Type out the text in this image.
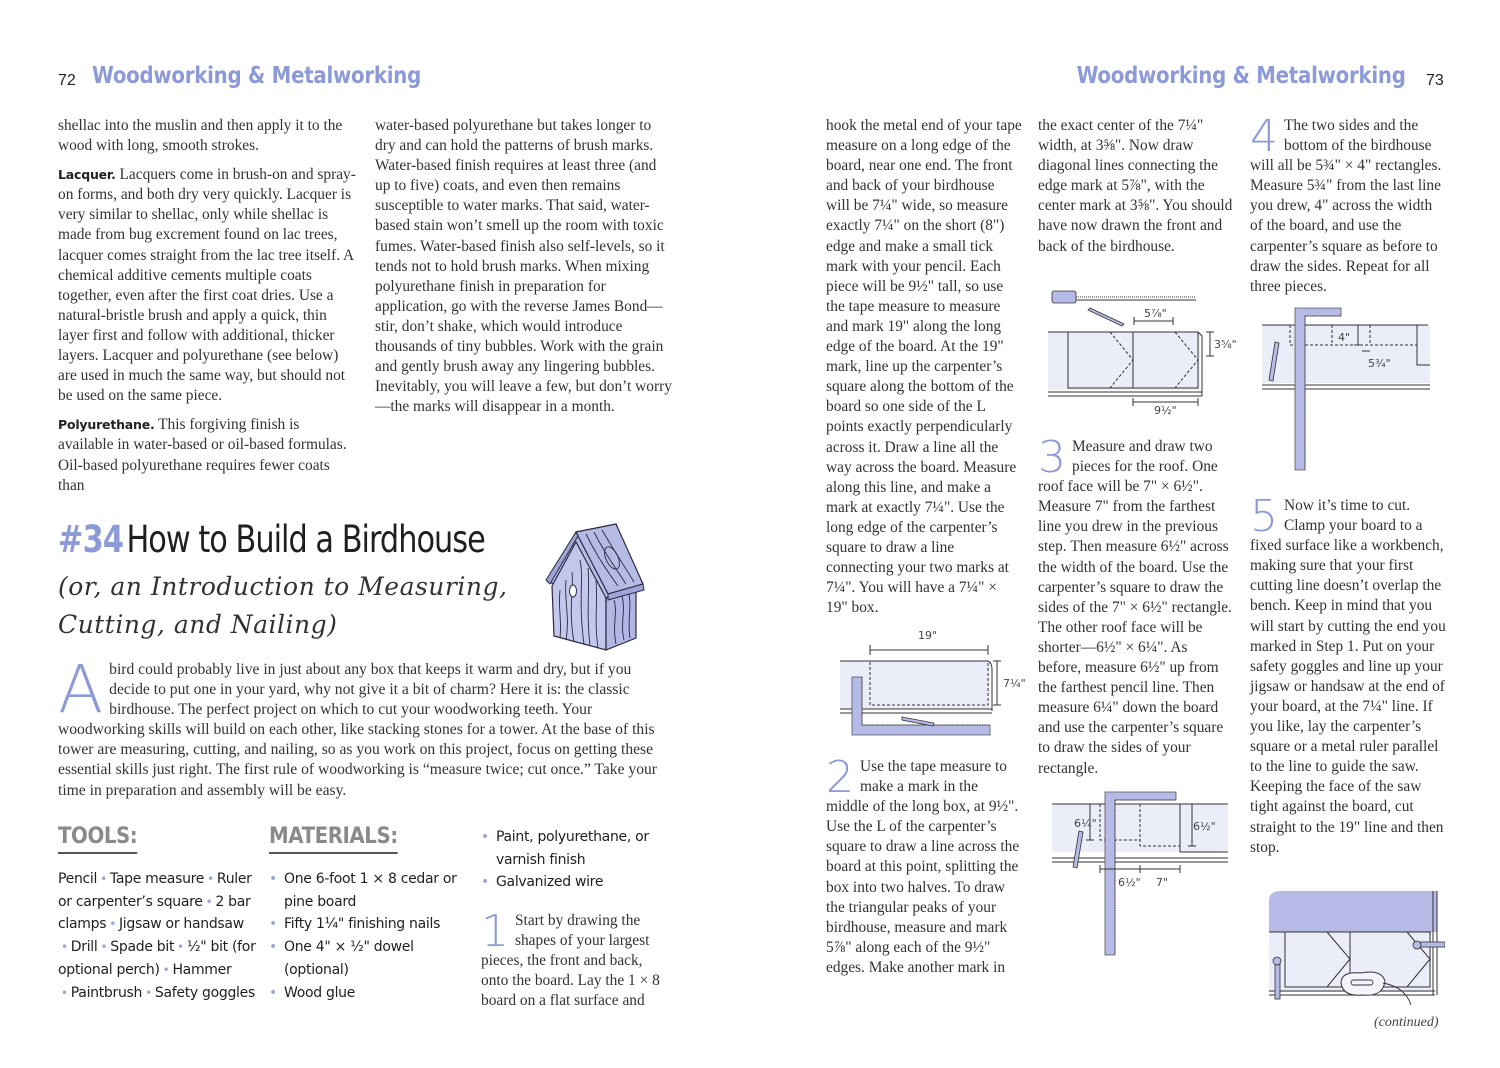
72 Woodworking & Metalworking

shellac into the muslin and then apply it to the wood with long, smooth strokes.

Lacquer. Lacquers come in brush-on and spray-on forms, and both dry very quickly. Lacquer is very similar to shellac, only while shellac is made from bug excrement found on lac trees, lacquer comes straight from the lac tree itself. A chemical additive cements multiple coats together, even after the first coat dries. Use a natural-bristle brush and apply a quick, thin layer first and follow with additional, thicker layers. Lacquer and polyurethane (see below) are used in much the same way, but should not be used on the same piece.

Polyurethane. This forgiving finish is available in water-based or oil-based formulas. Oil-based polyurethane requires fewer coats than

water-based polyurethane but takes longer to dry and can hold the patterns of brush marks. Water-based finish requires at least three (and up to five) coats, and even then remains susceptible to water marks. That said, water-based stain won’t smell up the room with toxic fumes. Water-based finish also self-levels, so it tends not to hold brush marks. When mixing polyurethane finish in preparation for application, go with the reverse James Bond—stir, don’t shake, which would introduce thousands of tiny bubbles. Work with the grain and gently brush away any lingering bubbles. Inevitably, you will leave a few, but don’t worry—the marks will disappear in a month.

#34 How to Build a Birdhouse
(or, an Introduction to Measuring,
Cutting, and Nailing)
Abird could probably live in just about any box that keeps it warm and dry, but if you decide to put one in your yard, why not give it a bit of charm? Here it is: the classic birdhouse. The perfect project on which to cut your woodworking teeth. Your woodworking skills will build on each other, like stacking stones for a tower. At the base of this tower are measuring, cutting, and nailing, so as you work on this project, focus on getting these essential skills just right. The first rule of woodworking is “measure twice; cut once.” Take your time in preparation and assembly will be easy.
TOOLS:
Pencil • Tape measure • Ruler or carpenter’s square • 2 bar clamps • Jigsaw or handsaw • Drill • Spade bit • ½" bit (for optional perch) • Hammer • Paintbrush • Safety goggles
MATERIALS:
• One 6-foot 1 × 8 cedar or pine board
• Fifty 1¼" finishing nails
• One 4" × ½" dowel (optional)
• Wood glue
• Paint, polyurethane, or varnish finish
• Galvanized wire
1 Start by drawing the shapes of your largest pieces, the front and back, onto the board. Lay the 1 × 8 board on a flat surface and
Woodworking & Metalworking 73
hook the metal end of your tape measure on a long edge of the board, near one end. The front and back of your birdhouse will be 7¼" wide, so measure exactly 7¼" on the short (8") edge and make a small tick mark with your pencil. Each piece will be 9½" tall, so use the tape measure to measure and mark 19" along the long edge of the board. At the 19" mark, line up the carpenter’s square along the bottom of the board so one side of the L points exactly perpendicularly across it. Draw a line all the way across the board. Measure along this line, and make a mark at exactly 7¼". Use the long edge of the carpenter’s square to draw a line connecting your two marks at 7¼". You will have a 7¼" × 19" box.
19"
7¼"
2 Use the tape measure to make a mark in the middle of the long box, at 9½". Use the L of the carpenter’s square to draw a line across the board at this point, splitting the box into two halves. To draw the triangular peaks of your birdhouse, measure and mark 5⅞" along each of the 9½" edges. Make another mark in
the exact center of the 7¼" width, at 3⅝". Now draw diagonal lines connecting the edge mark at 5⅞", with the center mark at 3⅝". You should have now drawn the front and back of the birdhouse.
5⅞"
3⅝"
9½"
3 Measure and draw two pieces for the roof. One roof face will be 7" × 6½". Measure 7" from the farthest line you drew in the previous step. Then measure 6½" across the width of the board. Use the carpenter’s square to draw the sides of the 7" × 6½" rectangle. The other roof face will be shorter—6½" × 6¼". As before, measure 6½" up from the farthest pencil line. Then measure 6¼" down the board and use the carpenter’s square to draw the sides of your rectangle.
6¼"	6½"
6½" 7"
4 The two sides and the bottom of the birdhouse will all be 5¾" × 4" rectangles. Measure 5¾" from the last line you drew, 4" across the width of the board, and use the carpenter’s square as before to draw the sides. Repeat for all three pieces.
4"
5¾"
5 Now it’s time to cut. Clamp your board to a fixed surface like a workbench, making sure that your first cutting line doesn’t overlap the bench. Keep in mind that you will start by cutting the end you marked in Step 1. Put on your safety goggles and line up your jigsaw or handsaw at the end of your board, at the 7¼" line. If you like, lay the carpenter’s square or a metal ruler parallel to the line to guide the saw. Keeping the face of the saw tight against the board, cut straight to the 19" line and then stop.
(continued)
